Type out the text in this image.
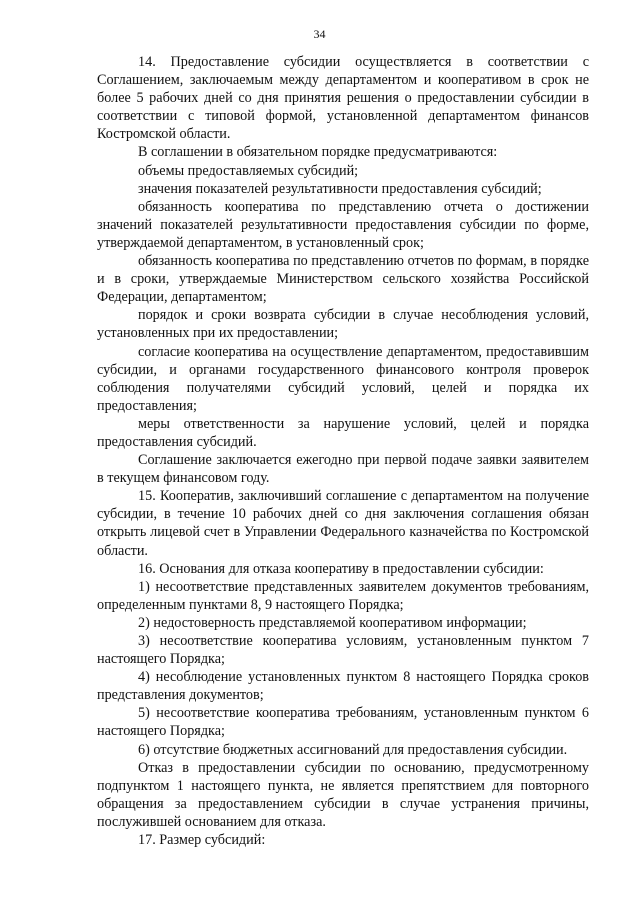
34

14. Предоставление субсидии осуществляется в соответствии с Соглашением, заключаемым между департаментом и кооперативом в срок не более 5 рабочих дней со дня принятия решения о предоставлении субсидии в соответствии с типовой формой, установленной департаментом финансов Костромской области.

В соглашении в обязательном порядке предусматриваются:

объемы предоставляемых субсидий;

значения показателей результативности предоставления субсидий;

обязанность кооператива по представлению отчета о достижении значений показателей результативности предоставления субсидии по форме, утверждаемой департаментом, в установленный срок;

обязанность кооператива по представлению отчетов по формам, в порядке и в сроки, утверждаемые Министерством сельского хозяйства Российской Федерации, департаментом;

порядок и сроки возврата субсидии в случае несоблюдения условий, установленных при их предоставлении;

согласие кооператива на осуществление департаментом, предоставившим субсидии, и органами государственного финансового контроля проверок соблюдения получателями субсидий условий, целей и порядка их предоставления;

меры ответственности за нарушение условий, целей и порядка предоставления субсидий.

Соглашение заключается ежегодно при первой подаче заявки заявителем в текущем финансовом году.

15. Кооператив, заключивший соглашение с департаментом на получение субсидии, в течение 10 рабочих дней со дня заключения соглашения обязан открыть лицевой счет в Управлении Федерального казначейства по Костромской области.

16. Основания для отказа кооперативу в предоставлении субсидии:

1) несоответствие представленных заявителем документов требованиям, определенным пунктами 8, 9 настоящего Порядка;

2) недостоверность представляемой кооперативом информации;

3) несоответствие кооператива условиям, установленным пунктом 7 настоящего Порядка;

4) несоблюдение установленных пунктом 8 настоящего Порядка сроков представления документов;

5) несоответствие кооператива требованиям, установленным пунктом 6 настоящего Порядка;

6) отсутствие бюджетных ассигнований для предоставления субсидии.

Отказ в предоставлении субсидии по основанию, предусмотренному подпунктом 1 настоящего пункта, не является препятствием для повторного обращения за предоставлением субсидии в случае устранения причины, послужившей основанием для отказа.

17. Размер субсидий:
